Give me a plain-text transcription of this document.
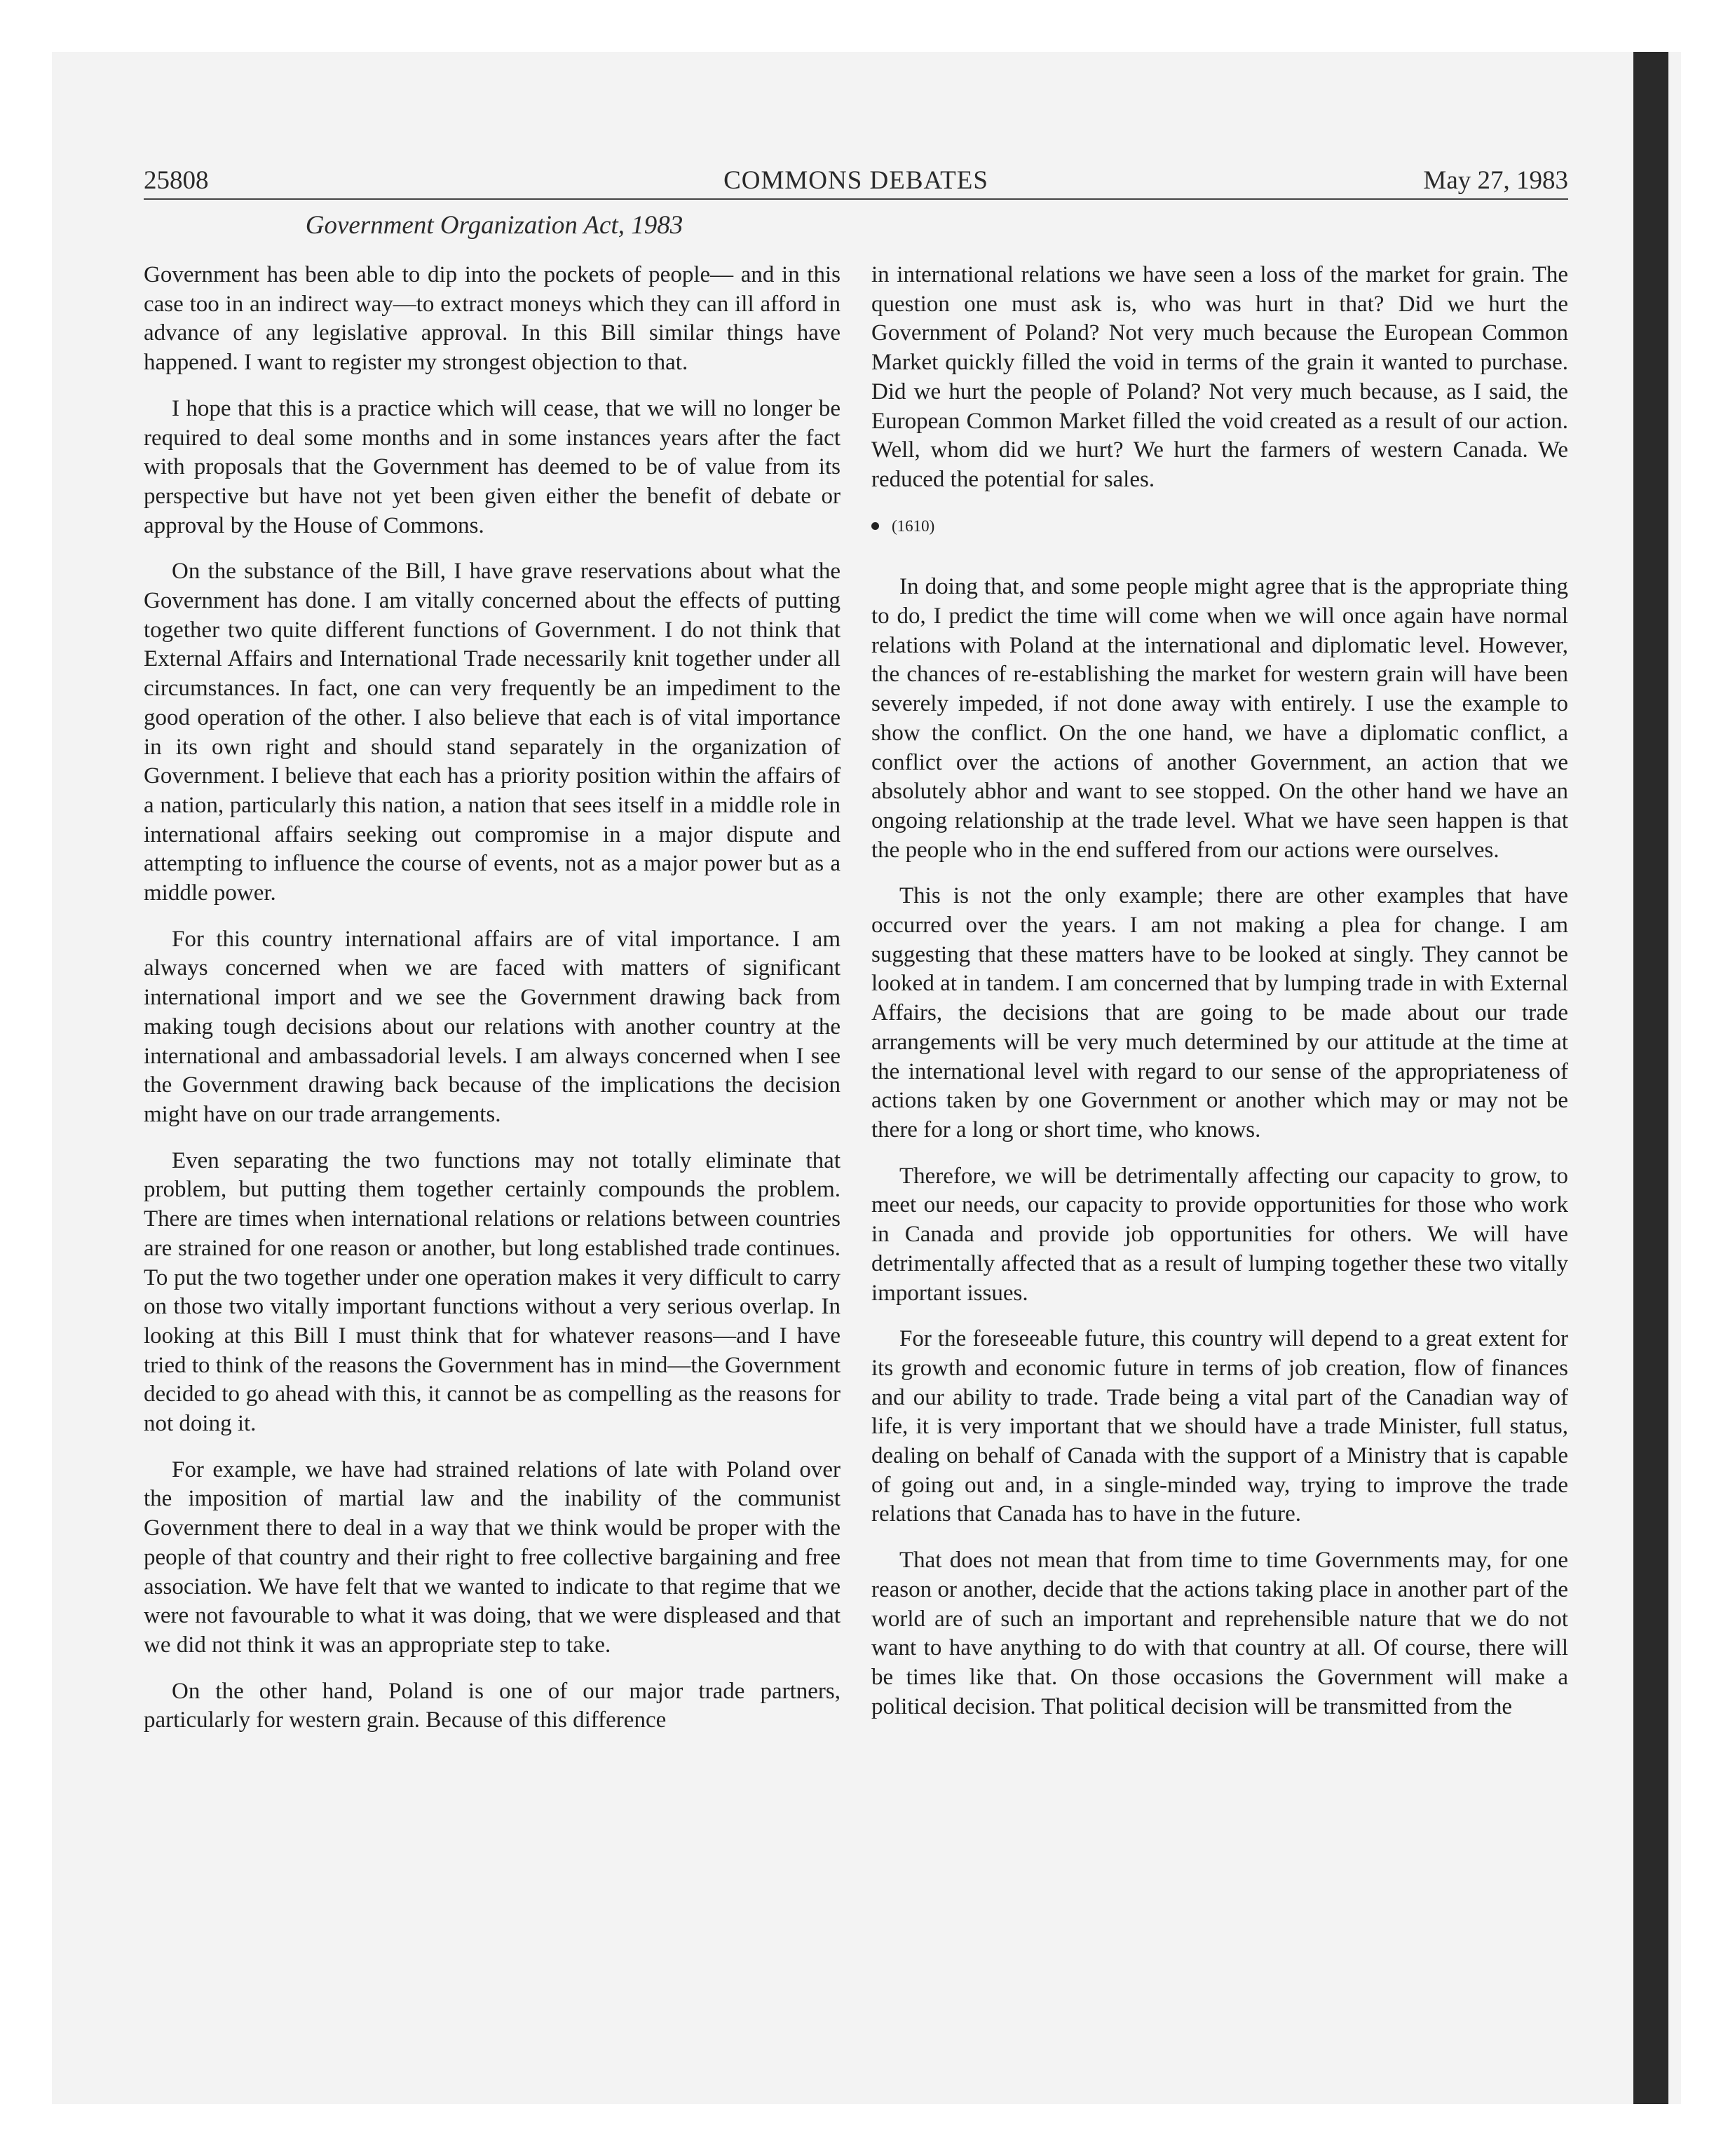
25808	COMMONS DEBATES	May 27, 1983
Government Organization Act, 1983

Government has been able to dip into the pockets of people— and in this case too in an indirect way—to extract moneys which they can ill afford in advance of any legislative approval. In this Bill similar things have happened. I want to register my strongest objection to that.

I hope that this is a practice which will cease, that we will no longer be required to deal some months and in some instances years after the fact with proposals that the Government has deemed to be of value from its perspective but have not yet been given either the benefit of debate or approval by the House of Commons.

On the substance of the Bill, I have grave reservations about what the Government has done. I am vitally concerned about the effects of putting together two quite different functions of Government. I do not think that External Affairs and International Trade necessarily knit together under all circumstances. In fact, one can very frequently be an impediment to the good operation of the other. I also believe that each is of vital importance in its own right and should stand separately in the organization of Government. I believe that each has a priority position within the affairs of a nation, particularly this nation, a nation that sees itself in a middle role in international affairs seeking out compromise in a major dispute and attempting to influence the course of events, not as a major power but as a middle power.

For this country international affairs are of vital importance. I am always concerned when we are faced with matters of significant international import and we see the Government drawing back from making tough decisions about our relations with another country at the international and ambassadorial levels. I am always concerned when I see the Government drawing back because of the implications the decision might have on our trade arrangements.

Even separating the two functions may not totally eliminate that problem, but putting them together certainly compounds the problem. There are times when international relations or relations between countries are strained for one reason or another, but long established trade continues. To put the two together under one operation makes it very difficult to carry on those two vitally important functions without a very serious overlap. In looking at this Bill I must think that for whatever reasons—and I have tried to think of the reasons the Government has in mind—the Government decided to go ahead with this, it cannot be as compelling as the reasons for not doing it.

For example, we have had strained relations of late with Poland over the imposition of martial law and the inability of the communist Government there to deal in a way that we think would be proper with the people of that country and their right to free collective bargaining and free association. We have felt that we wanted to indicate to that regime that we were not favourable to what it was doing, that we were displeased and that we did not think it was an appropriate step to take.

On the other hand, Poland is one of our major trade partners, particularly for western grain. Because of this difference

in international relations we have seen a loss of the market for grain. The question one must ask is, who was hurt in that? Did we hurt the Government of Poland? Not very much because the European Common Market quickly filled the void in terms of the grain it wanted to purchase. Did we hurt the people of Poland? Not very much because, as I said, the European Common Market filled the void created as a result of our action. Well, whom did we hurt? We hurt the farmers of western Canada. We reduced the potential for sales.

(1610)

In doing that, and some people might agree that is the appropriate thing to do, I predict the time will come when we will once again have normal relations with Poland at the international and diplomatic level. However, the chances of re-establishing the market for western grain will have been severely impeded, if not done away with entirely. I use the example to show the conflict. On the one hand, we have a diplomatic conflict, a conflict over the actions of another Government, an action that we absolutely abhor and want to see stopped. On the other hand we have an ongoing relationship at the trade level. What we have seen happen is that the people who in the end suffered from our actions were ourselves.

This is not the only example; there are other examples that have occurred over the years. I am not making a plea for change. I am suggesting that these matters have to be looked at singly. They cannot be looked at in tandem. I am concerned that by lumping trade in with External Affairs, the decisions that are going to be made about our trade arrangements will be very much determined by our attitude at the time at the international level with regard to our sense of the appropriateness of actions taken by one Government or another which may or may not be there for a long or short time, who knows.

Therefore, we will be detrimentally affecting our capacity to grow, to meet our needs, our capacity to provide opportunities for those who work in Canada and provide job opportunities for others. We will have detrimentally affected that as a result of lumping together these two vitally important issues.

For the foreseeable future, this country will depend to a great extent for its growth and economic future in terms of job creation, flow of finances and our ability to trade. Trade being a vital part of the Canadian way of life, it is very important that we should have a trade Minister, full status, dealing on behalf of Canada with the support of a Ministry that is capable of going out and, in a single-minded way, trying to improve the trade relations that Canada has to have in the future.

That does not mean that from time to time Governments may, for one reason or another, decide that the actions taking place in another part of the world are of such an important and reprehensible nature that we do not want to have anything to do with that country at all. Of course, there will be times like that. On those occasions the Government will make a political decision. That political decision will be transmitted from the
